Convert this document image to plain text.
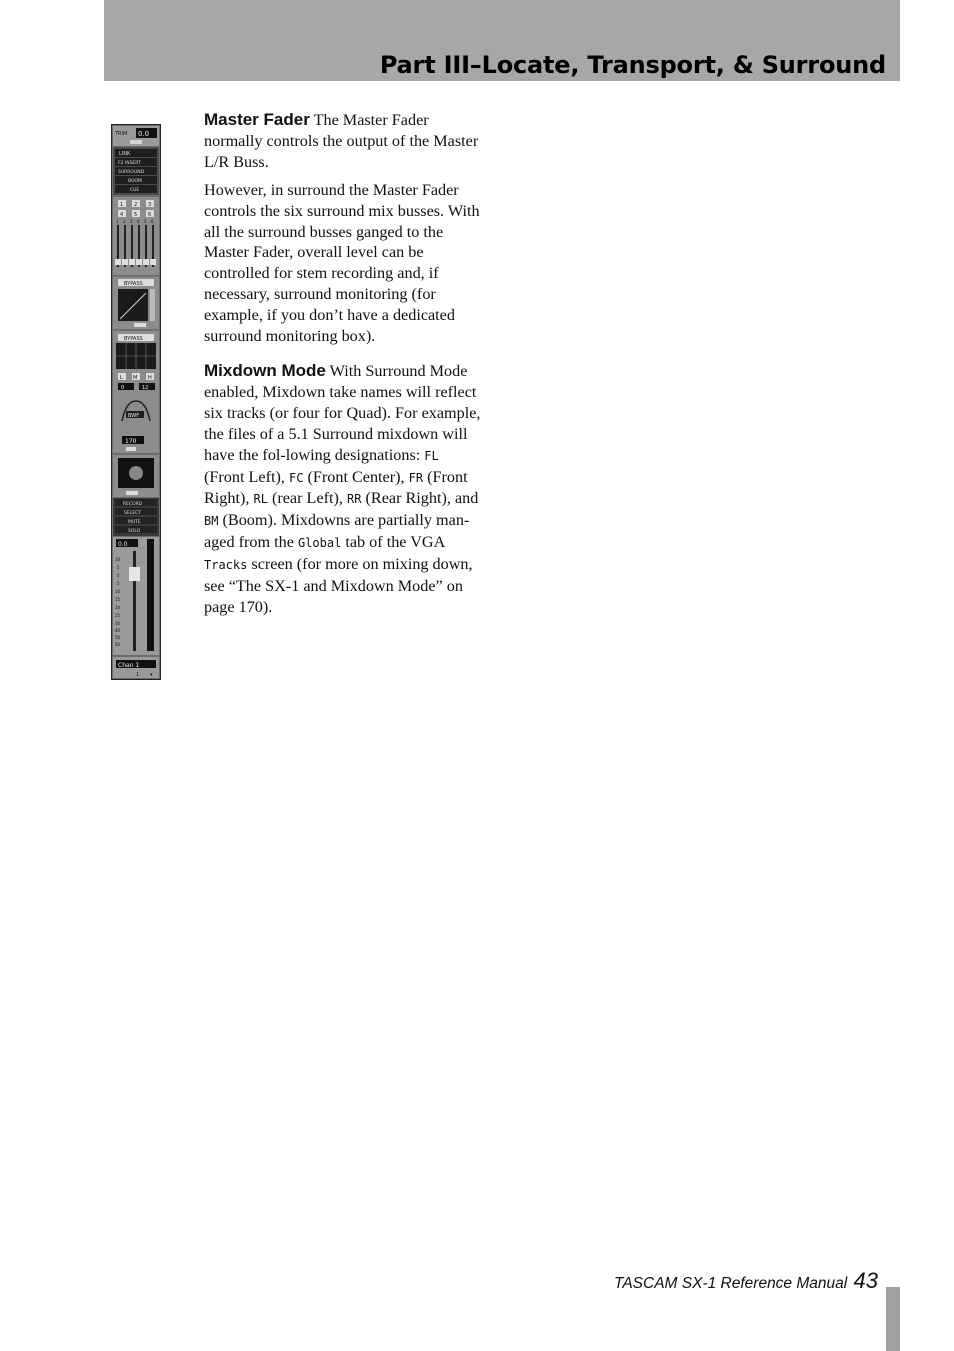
Part III–Locate, Transport, & Surround
TRIM 0.0
LINK
F2 INSERT
SURROUND
BOOM
CUE
1 2 3
4 5 6
1 2 3 4 5 6
BYPASS
BYPASS
L M H
0	12
BWF
170
RECORD
SELECT
MUTE
SOLO
0.0
10
5
0
5
10
15
20
25
30
40
50
60
Chan 1
1 ▾

Master Fader The Master Fader normally controls the output of the Master L/R Buss.

However, in surround the Master Fader controls the six surround mix busses. With all the surround busses ganged to the Master Fader, overall level can be controlled for stem recording and, if necessary, surround monitoring (for example, if you don’t have a dedicated surround monitoring box).

Mixdown Mode With Surround Mode enabled, Mixdown take names will reflect six tracks (or four for Quad). For example, the files of a 5.1 Surround mixdown will have the fol-lowing designations: FL (Front Left), FC (Front Center), FR (Front Right), RL (rear Left), RR (Rear Right), and BM (Boom). Mixdowns are partially man-aged from the Global tab of the VGA Tracks screen (for more on mixing down, see “The SX-1 and Mixdown Mode” on page 170).

TASCAM SX-1 Reference Manual 43
